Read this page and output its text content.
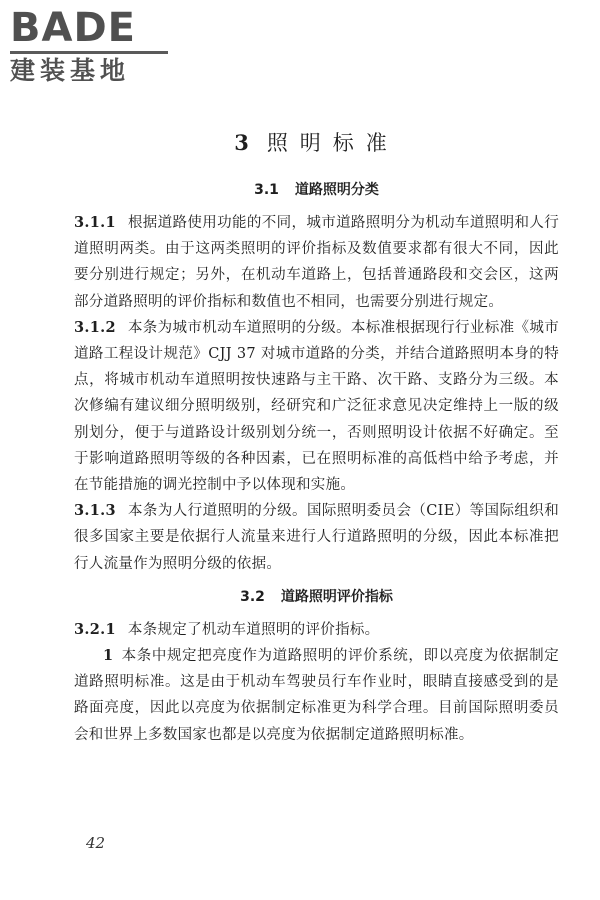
BADE
建装基地
3 照明标准
3.1 道路照明分类

3.1.1 根据道路使用功能的不同，城市道路照明分为机动车道照明和人行道照明两类。由于这两类照明的评价指标及数值要求都有很大不同，因此要分别进行规定；另外，在机动车道路上，包括普通路段和交会区，这两部分道路照明的评价指标和数值也不相同，也需要分别进行规定。

3.1.2 本条为城市机动车道照明的分级。本标准根据现行行业标准《城市道路工程设计规范》CJJ 37 对城市道路的分类，并结合道路照明本身的特点，将城市机动车道照明按快速路与主干路、次干路、支路分为三级。本次修编有建议细分照明级别，经研究和广泛征求意见决定维持上一版的级别划分，便于与道路设计级别划分统一，否则照明设计依据不好确定。至于影响道路照明等级的各种因素，已在照明标准的高低档中给予考虑，并在节能措施的调光控制中予以体现和实施。

3.1.3 本条为人行道照明的分级。国际照明委员会（CIE）等国际组织和很多国家主要是依据行人流量来进行人行道路照明的分级，因此本标准把行人流量作为照明分级的依据。

3.2 道路照明评价指标

3.2.1 本条规定了机动车道照明的评价指标。

1 本条中规定把亮度作为道路照明的评价系统，即以亮度为依据制定道路照明标准。这是由于机动车驾驶员行车作业时，眼睛直接感受到的是路面亮度，因此以亮度为依据制定标准更为科学合理。目前国际照明委员会和世界上多数国家也都是以亮度为依据制定道路照明标准。

42
